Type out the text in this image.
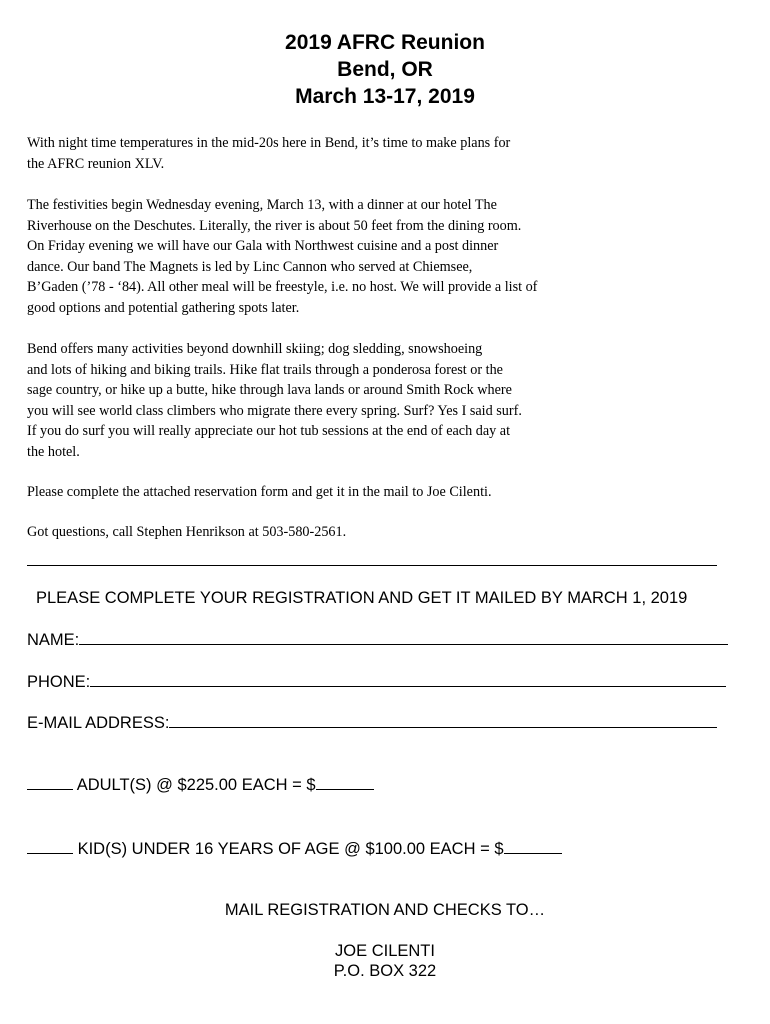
2019 AFRC Reunion
Bend, OR
March 13-17, 2019
With night time temperatures in the mid-20s here in Bend, it’s time to make plans for
the AFRC reunion XLV.
The festivities begin Wednesday evening, March 13, with a dinner at our hotel The
Riverhouse on the Deschutes. Literally, the river is about 50 feet from the dining room.
On Friday evening we will have our Gala with Northwest cuisine and a post dinner
dance. Our band The Magnets is led by Linc Cannon who served at Chiemsee,
B’Gaden (’78 - ‘84). All other meal will be freestyle, i.e. no host. We will provide a list of
good options and potential gathering spots later.
Bend offers many activities beyond downhill skiing; dog sledding, snowshoeing
and lots of hiking and biking trails. Hike flat trails through a ponderosa forest or the
sage country, or hike up a butte, hike through lava lands or around Smith Rock where
you will see world class climbers who migrate there every spring. Surf? Yes I said surf.
If you do surf you will really appreciate our hot tub sessions at the end of each day at
the hotel.
Please complete the attached reservation form and get it in the mail to Joe Cilenti.
Got questions, call Stephen Henrikson at 503-580-2561.
PLEASE COMPLETE YOUR REGISTRATION AND GET IT MAILED BY MARCH 1, 2019
NAME:
PHONE:
E-MAIL ADDRESS:
ADULT(S) @ $225.00 EACH = $
KID(S) UNDER 16 YEARS OF AGE @ $100.00 EACH = $
MAIL REGISTRATION AND CHECKS TO…
JOE CILENTI
P.O. BOX 322
